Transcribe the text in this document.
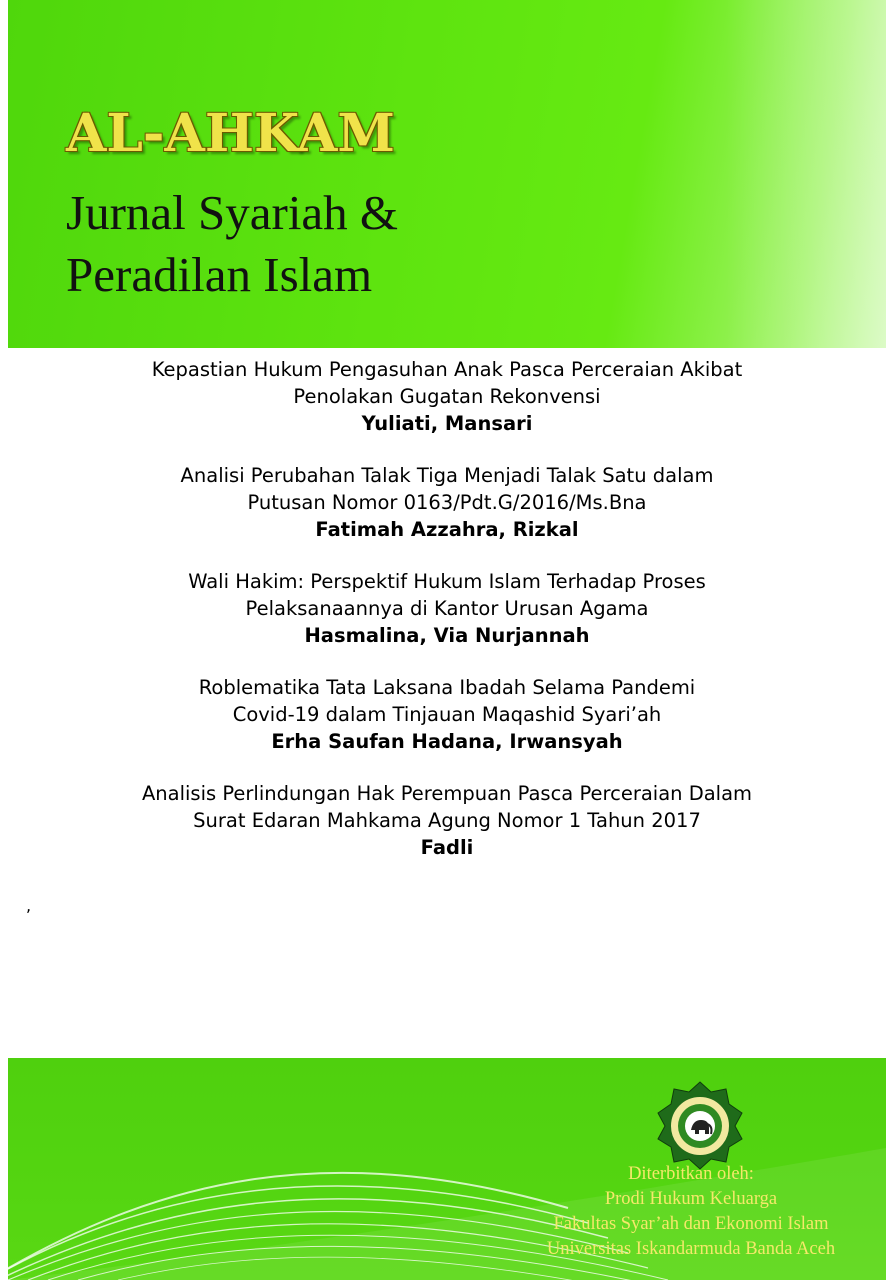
AL-AHKAM
Jurnal Syariah &
Peradilan Islam
Kepastian Hukum Pengasuhan Anak Pasca Perceraian Akibat
Penolakan Gugatan Rekonvensi
Yuliati, Mansari
Analisi Perubahan Talak Tiga Menjadi Talak Satu dalam
Putusan Nomor 0163/Pdt.G/2016/Ms.Bna
Fatimah Azzahra, Rizkal
Wali Hakim: Perspektif Hukum Islam Terhadap Proses
Pelaksanaannya di Kantor Urusan Agama
Hasmalina, Via Nurjannah
Roblematika Tata Laksana Ibadah Selama Pandemi
Covid-19 dalam Tinjauan Maqashid Syari’ah
Erha Saufan Hadana, Irwansyah
Analisis Perlindungan Hak Perempuan Pasca Perceraian Dalam
Surat Edaran Mahkama Agung Nomor 1 Tahun 2017
Fadli
,
Diterbitkan oleh:
Prodi Hukum Keluarga
Fakultas Syar’ah dan Ekonomi Islam
Universitas Iskandarmuda Banda Aceh
